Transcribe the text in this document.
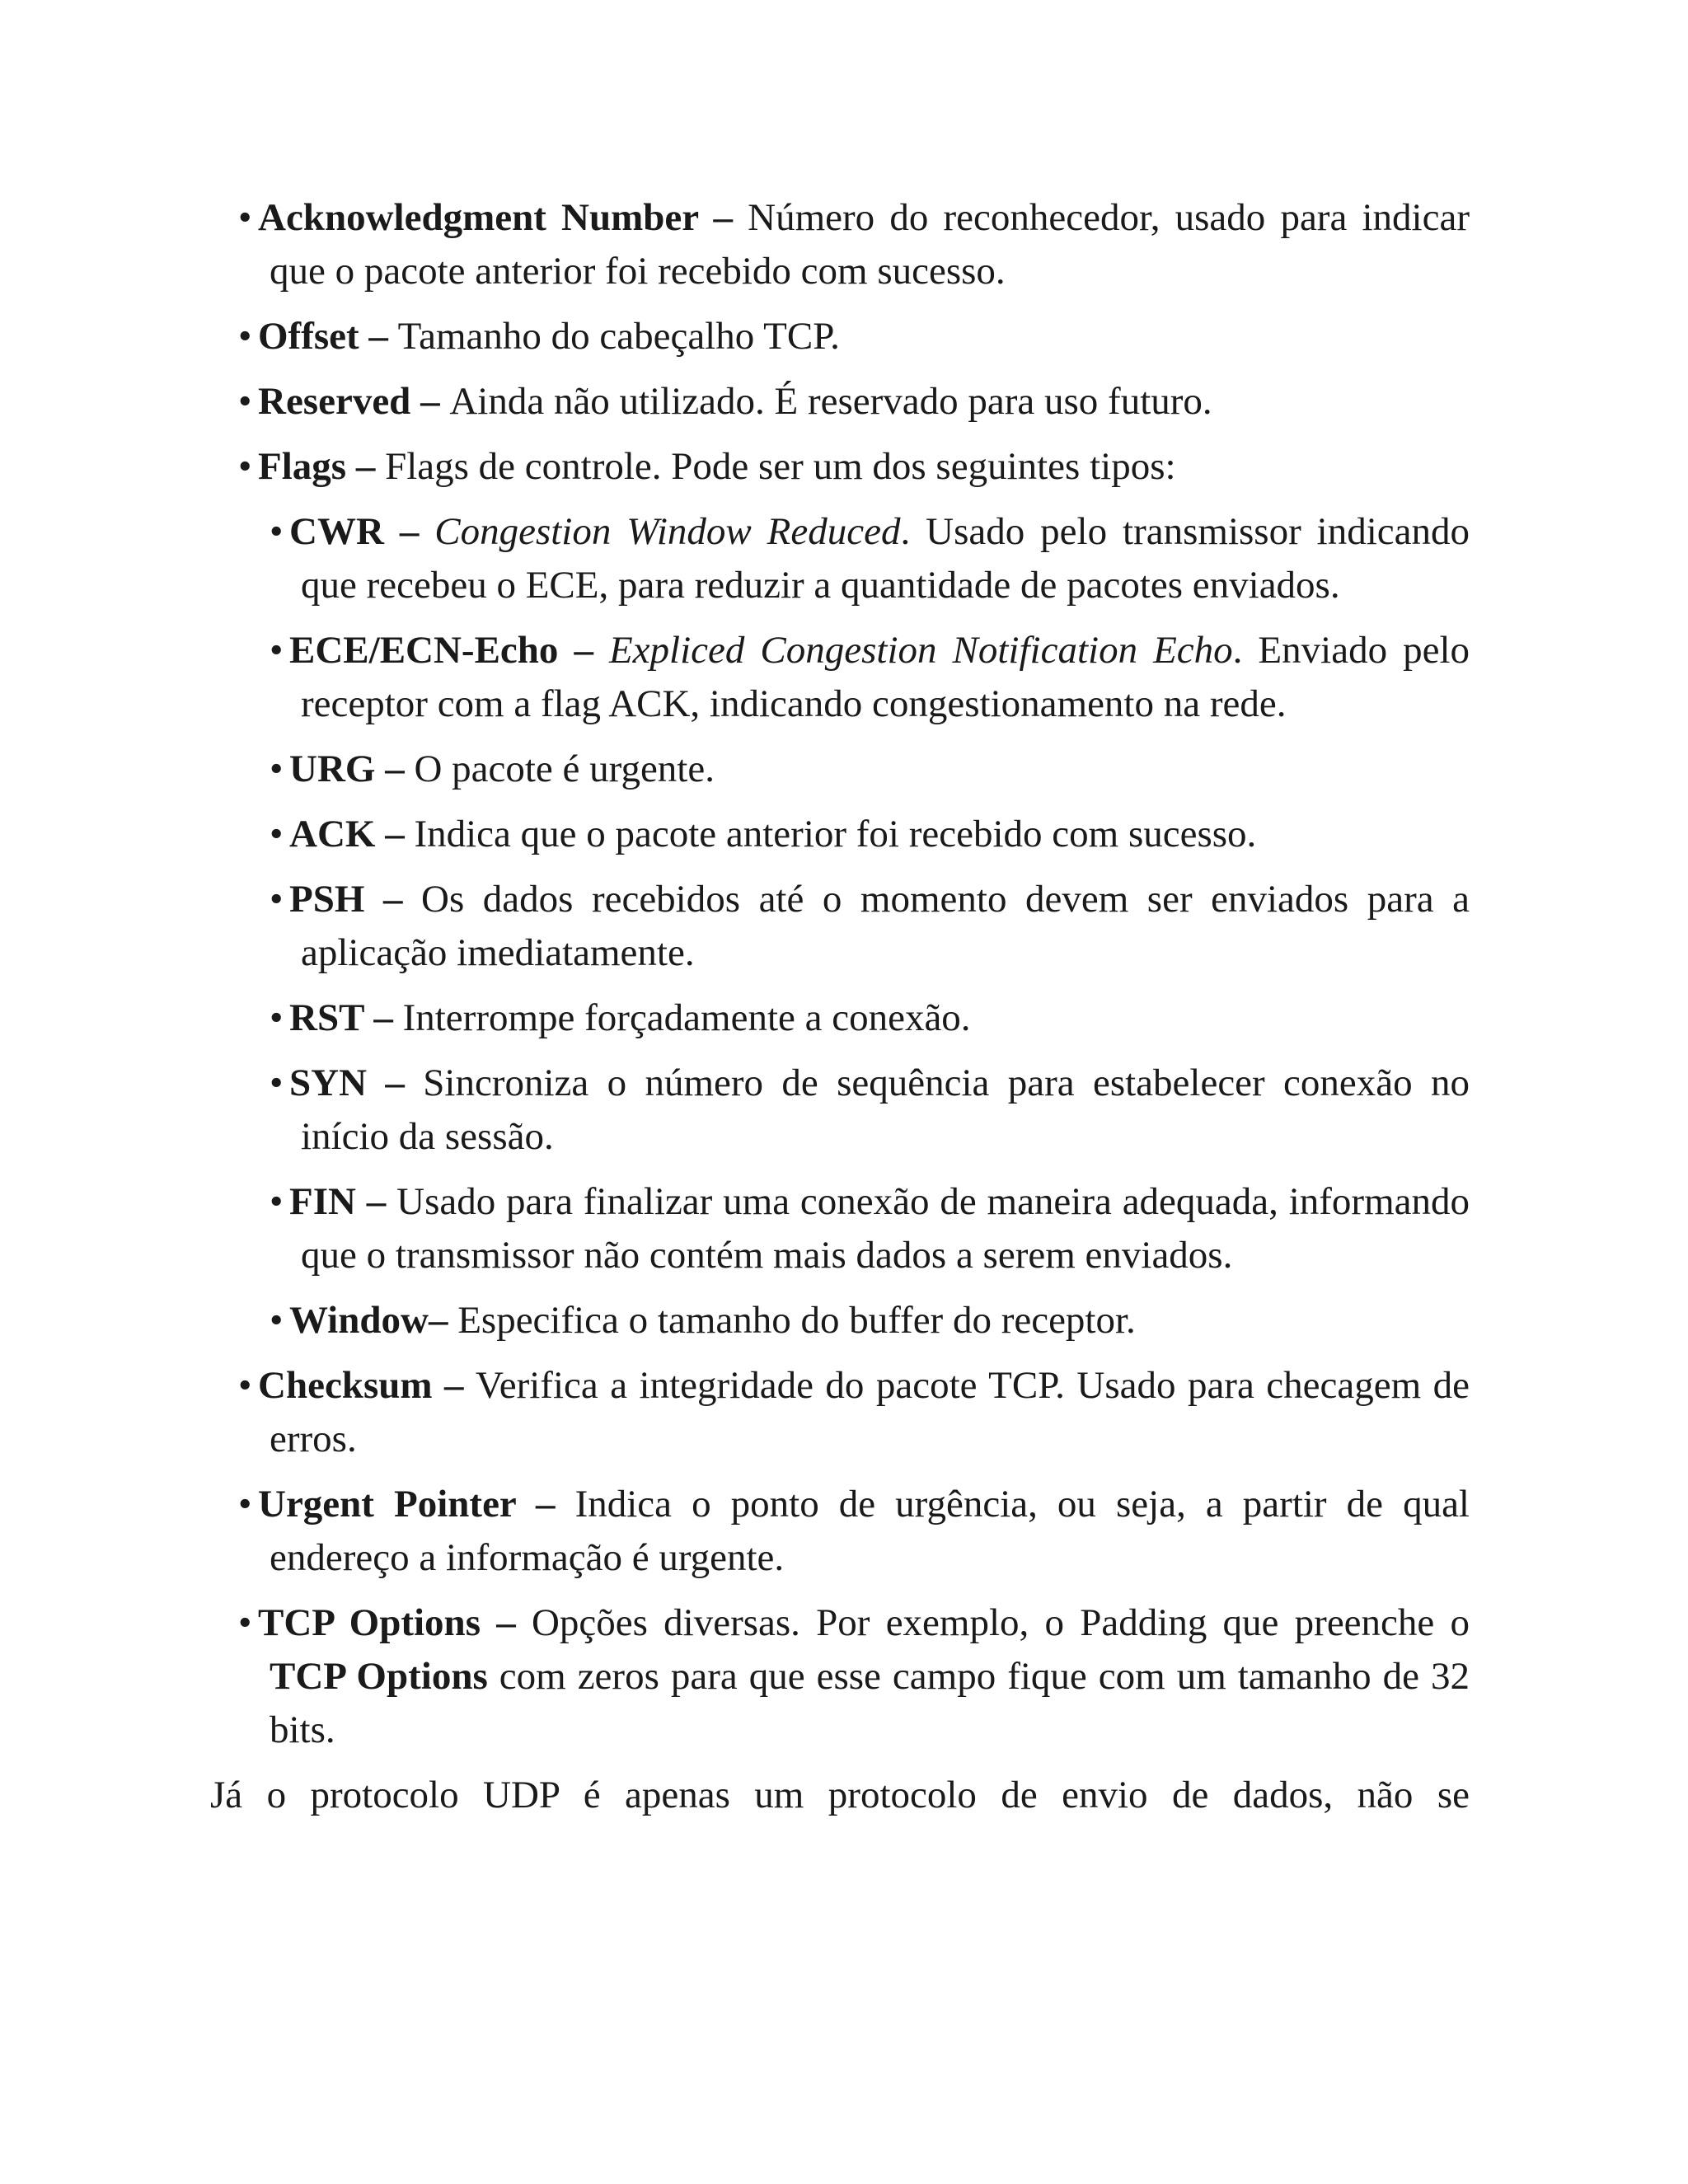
• Acknowledgment Number – Número do reconhecedor, usado para indicar que o pacote anterior foi recebido com sucesso.

• Offset – Tamanho do cabeçalho TCP.

• Reserved – Ainda não utilizado. É reservado para uso futuro.

• Flags – Flags de controle. Pode ser um dos seguintes tipos:

• CWR – Congestion Window Reduced. Usado pelo transmissor indicando que recebeu o ECE, para reduzir a quantidade de pacotes enviados.

• ECE/ECN-Echo – Expliced Congestion Notification Echo. Enviado pelo receptor com a flag ACK, indicando congestionamento na rede.

• URG – O pacote é urgente.

• ACK – Indica que o pacote anterior foi recebido com sucesso.

• PSH – Os dados recebidos até o momento devem ser enviados para a aplicação imediatamente.

• RST – Interrompe forçadamente a conexão.

• SYN – Sincroniza o número de sequência para estabelecer conexão no início da sessão.

• FIN – Usado para finalizar uma conexão de maneira adequada, informando que o transmissor não contém mais dados a serem enviados.

• Window– Especifica o tamanho do buffer do receptor.

• Checksum – Verifica a integridade do pacote TCP. Usado para checagem de erros.

• Urgent Pointer – Indica o ponto de urgência, ou seja, a partir de qual endereço a informação é urgente.

• TCP Options – Opções diversas. Por exemplo, o Padding que preenche o TCP Options com zeros para que esse campo fique com um tamanho de 32 bits.

Já o protocolo UDP é apenas um protocolo de envio de dados, não se
